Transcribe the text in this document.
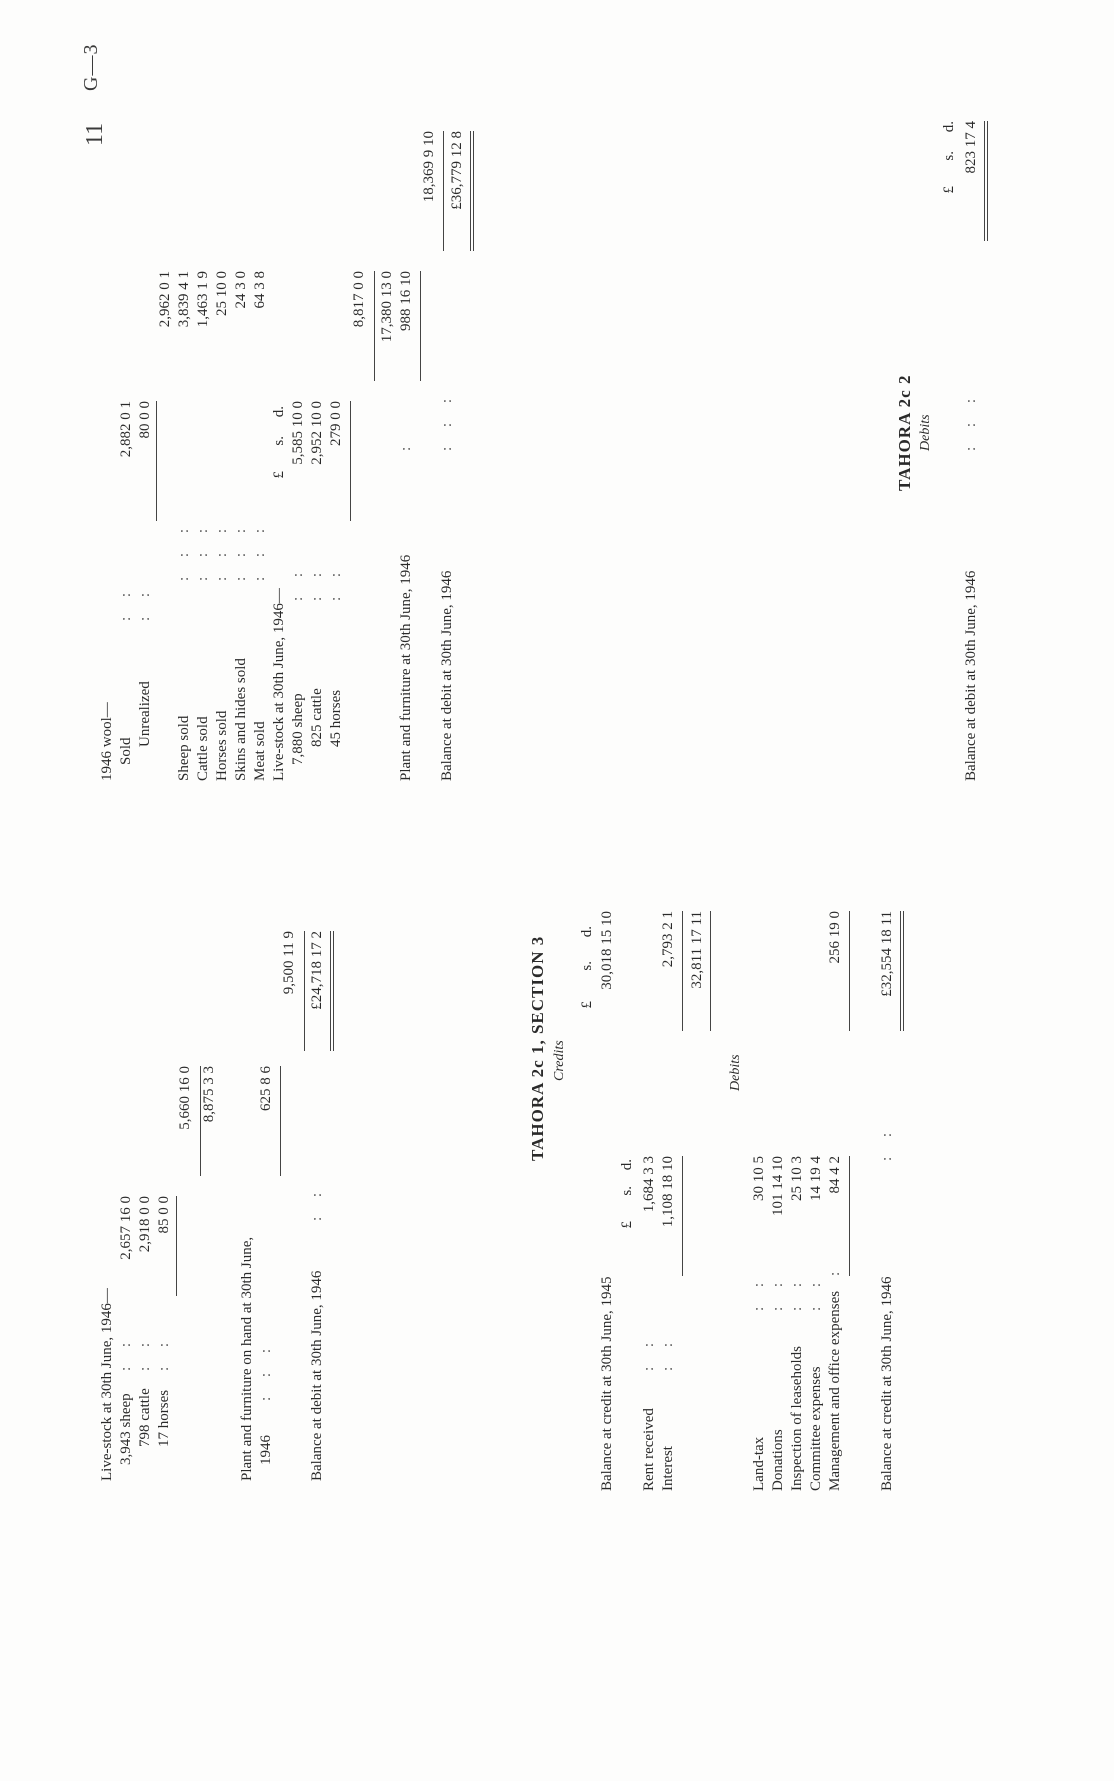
11
G—3
Live-stock at 30th June, 1946— 3,943 sheep
: :
2,657 16 0
798 cattle
: :
2,918 0 0
17 horses
: :
85 0 0
5,660 16 0
Plant and furniture on hand at 30th June, 1946
: : :
8,875 3 3	625 8 6
Balance at debit at 30th June, 1946
: :
9,500 11 9 £24,718 17 2	TAHORA 2c 1, SECTION 3 Credits
£
s.
d.
Balance at credit at 30th June, 1945
30,018 15 10
£
s.
d.
Rent received
: :
1,684 3 3
Interest
: :
1,108 18 10
2,793 2 1 32,811 17 11
Debits
Land-tax
: :
30 10 5
Donations
: :
101 14 10
Inspection of leaseholds
: :
25 10 3
Committee expenses
: :
14 19 4
Management and office expenses
:
84 4 2
256 19 0
Balance at credit at 30th June, 1946
: :
£32,554 18 11
1946 wool— Sold
: :
2,882 0 1
Unrealized
: :
80 0 0
2,962 0 1
Sheep sold
: : :
3,839 4 1
Cattle sold
: : :
1,463 1 9
Horses sold
: : :
25 10 0
Skins and hides sold
: : :
24 3 0
Meat sold
: : :
64 3 8
Live-stock at 30th June, 1946—
£
s.
d.
7,880 sheep
: :
5,585 10 0
825 cattle
: :
2,952 10 0
45 horses
: :
279 0 0
8,817 0 0 17,380 13 0
Plant and furniture at 30th June, 1946
:
988 16 10
Balance at debit at 30th June, 1946
: : :
18,369 9 10 £36,779 12 8
TAHORA 2c 2 Debits
£
s.
d.
Balance at debit at 30th June, 1946
: : :
823 17 4
